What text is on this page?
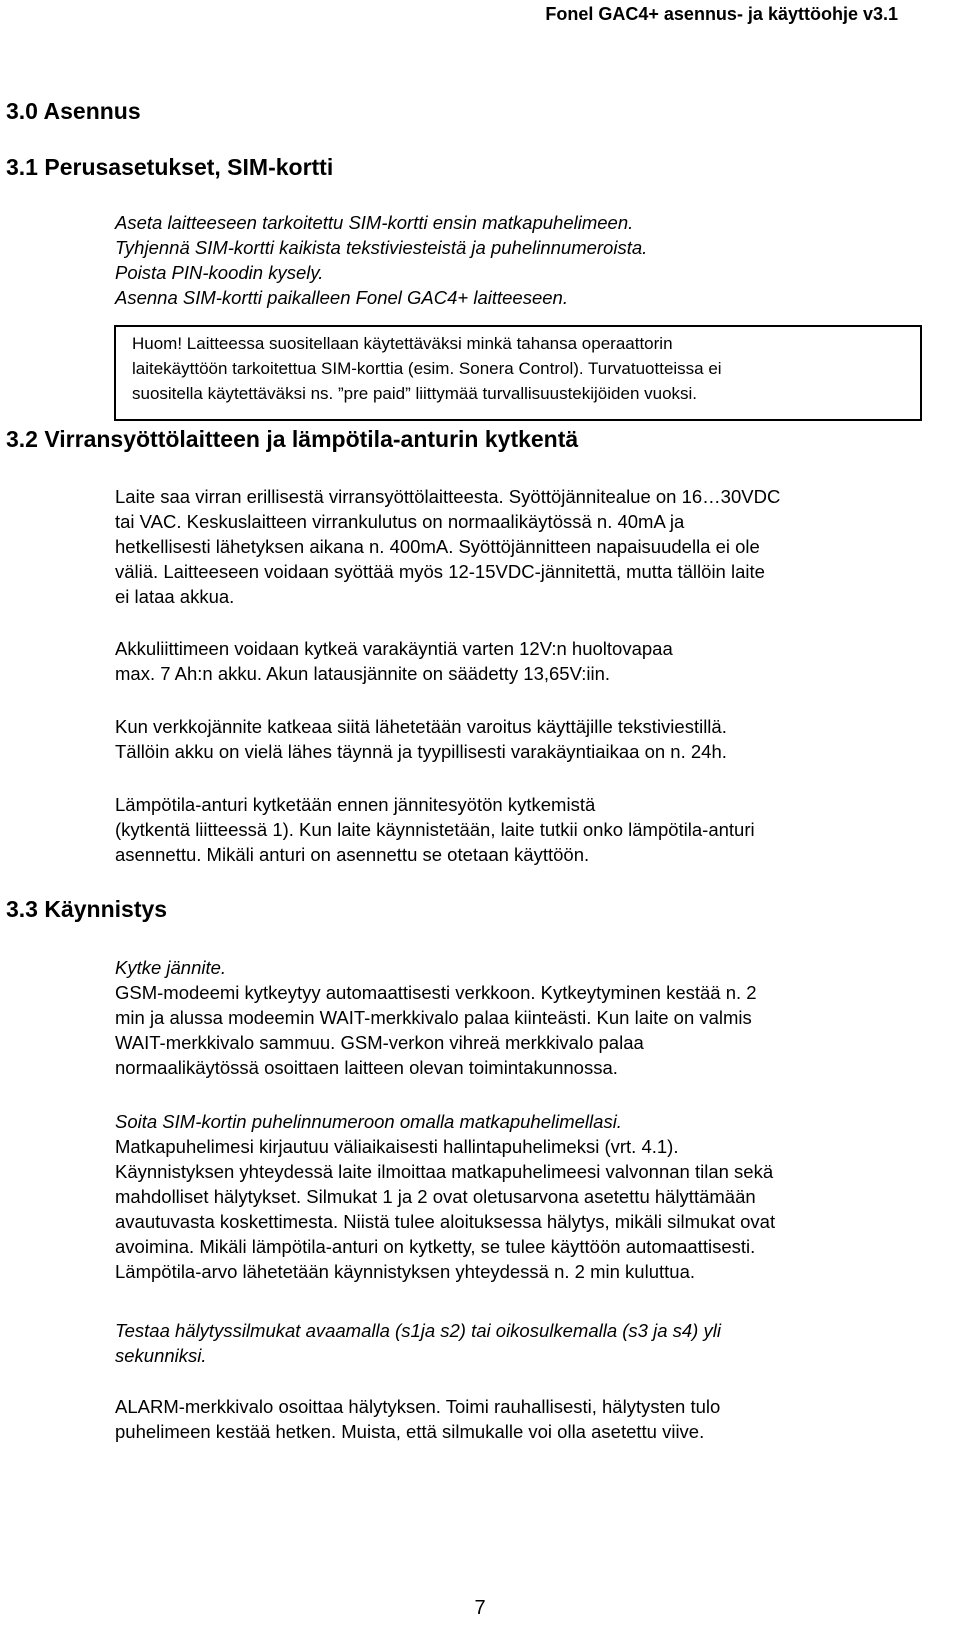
Fonel GAC4+ asennus- ja käyttöohje v3.1
3.0 Asennus
3.1 Perusasetukset, SIM-kortti
Aseta laitteeseen tarkoitettu SIM-kortti ensin matkapuhelimeen.
Tyhjennä SIM-kortti kaikista tekstiviesteistä ja puhelinnumeroista.
Poista PIN-koodin kysely.
Asenna SIM-kortti paikalleen Fonel GAC4+ laitteeseen.
Huom! Laitteessa suositellaan käytettäväksi minkä tahansa operaattorin
laitekäyttöön tarkoitettua SIM-korttia (esim. Sonera Control). Turvatuotteissa ei
suositella käytettäväksi ns. ”pre paid” liittymää turvallisuustekijöiden vuoksi.
3.2 Virransyöttölaitteen ja lämpötila-anturin kytkentä
Laite saa virran erillisestä virransyöttölaitteesta. Syöttöjännitealue on 16…30VDC
tai VAC. Keskuslaitteen virrankulutus on normaalikäytössä n. 40mA ja
hetkellisesti lähetyksen aikana n. 400mA. Syöttöjännitteen napaisuudella ei ole
väliä. Laitteeseen voidaan syöttää myös 12-15VDC-jännitettä, mutta tällöin laite
ei lataa akkua.
Akkuliittimeen voidaan kytkeä varakäyntiä varten 12V:n huoltovapaa
max. 7 Ah:n akku. Akun latausjännite on säädetty 13,65V:iin.
Kun verkkojännite katkeaa siitä lähetetään varoitus käyttäjille tekstiviestillä.
Tällöin akku on vielä lähes täynnä ja tyypillisesti varakäyntiaikaa on n. 24h.
Lämpötila-anturi kytketään ennen jännitesyötön kytkemistä
(kytkentä liitteessä 1). Kun laite käynnistetään, laite tutkii onko lämpötila-anturi
asennettu. Mikäli anturi on asennettu se otetaan käyttöön.
3.3 Käynnistys
Kytke jännite.
GSM-modeemi kytkeytyy automaattisesti verkkoon. Kytkeytyminen kestää n. 2
min ja alussa modeemin WAIT-merkkivalo palaa kiinteästi. Kun laite on valmis
WAIT-merkkivalo sammuu. GSM-verkon vihreä merkkivalo palaa
normaalikäytössä osoittaen laitteen olevan toimintakunnossa.
Soita SIM-kortin puhelinnumeroon omalla matkapuhelimellasi.
Matkapuhelimesi kirjautuu väliaikaisesti hallintapuhelimeksi (vrt. 4.1).
Käynnistyksen yhteydessä laite ilmoittaa matkapuhelimeesi valvonnan tilan sekä
mahdolliset hälytykset. Silmukat 1 ja 2 ovat oletusarvona asetettu hälyttämään
avautuvasta koskettimesta. Niistä tulee aloituksessa hälytys, mikäli silmukat ovat
avoimina. Mikäli lämpötila-anturi on kytketty, se tulee käyttöön automaattisesti.
Lämpötila-arvo lähetetään käynnistyksen yhteydessä n. 2 min kuluttua.
Testaa hälytyssilmukat avaamalla (s1ja s2) tai oikosulkemalla (s3 ja s4) yli
sekunniksi.
ALARM-merkkivalo osoittaa hälytyksen. Toimi rauhallisesti, hälytysten tulo
puhelimeen kestää hetken. Muista, että silmukalle voi olla asetettu viive.
7
